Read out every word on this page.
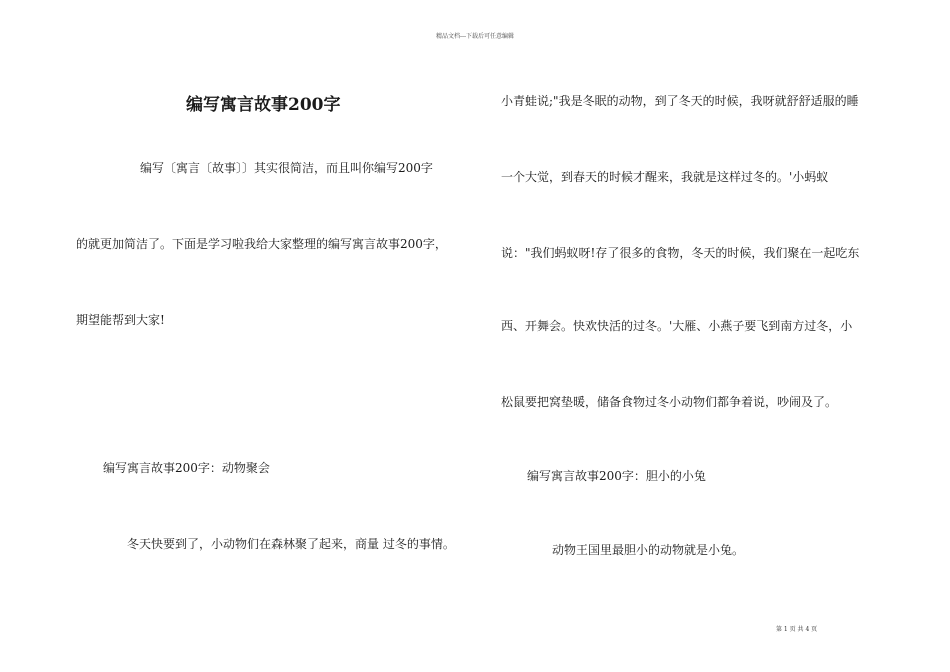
精品文档---下载后可任意编辑
编写寓言故事200字
编写〔寓言〔故事〕〕其实很简洁，而且叫你编写200字
的就更加简洁了。下面是学习啦我给大家整理的编写寓言故事200字，
期望能帮到大家!
编写寓言故事200字：动物聚会
冬天快要到了，小动物们在森林聚了起来，商量 过冬的事情。
小青蛙说;"我是冬眠的动物，到了冬天的时候，我呀就舒舒适服的睡
一个大觉，到春天的时候才醒来，我就是这样过冬的。'小蚂蚁
说："我们蚂蚁呀!存了很多的食物，冬天的时候，我们聚在一起吃东
西、开舞会。快欢快活的过冬。'大雁、小燕子要飞到南方过冬，小
松鼠要把窝垫暖，储备食物过冬小动物们都争着说，吵闹及了。
编写寓言故事200字：胆小的小兔
动物王国里最胆小的动物就是小兔。
第 1 页 共 4 页
